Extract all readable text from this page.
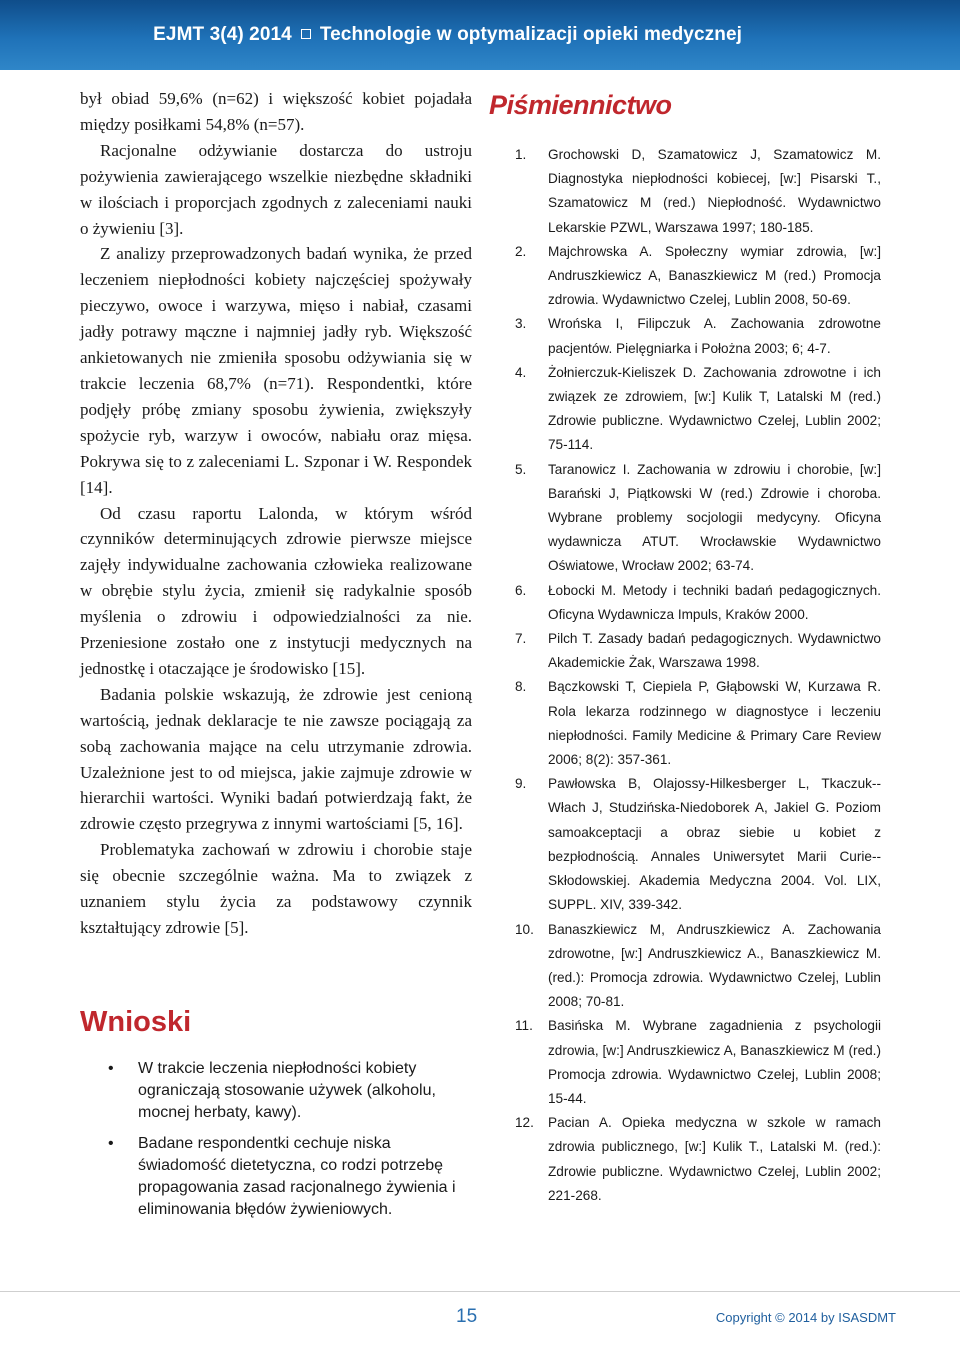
EJMT 3(4) 2014 Technologie w optymalizacji opieki medycznej

był obiad 59,6% (n=62) i większość kobiet pojadała między posiłkami 54,8% (n=57).

Racjonalne odżywianie dostarcza do ustroju pożywienia zawierającego wszelkie niezbędne składniki w ilościach i proporcjach zgodnych z zaleceniami nauki o żywieniu [3].

Z analizy przeprowadzonych badań wynika, że przed leczeniem niepłodności kobiety najczęściej spożywały pieczywo, owoce i warzywa, mięso i nabiał, czasami jadły potrawy mączne i najmniej jadły ryb. Większość ankietowanych nie zmieniła sposobu odżywiania się w trakcie leczenia 68,7% (n=71). Respondentki, które podjęły próbę zmiany sposobu żywienia, zwiększyły spożycie ryb, warzyw i owoców, nabiału oraz mięsa. Pokrywa się to z zaleceniami L. Szponar i W. Respondek [14].

Od czasu raportu Lalonda, w którym wśród czynników determinujących zdrowie pierwsze miejsce zajęły indywidualne zachowania człowieka realizowane w obrębie stylu życia, zmienił się radykalnie sposób myślenia o zdrowiu i odpowiedzialności za nie. Przeniesione zostało one z instytucji medycznych na jednostkę i otaczające je środowisko [15].

Badania polskie wskazują, że zdrowie jest cenioną wartością, jednak deklaracje te nie zawsze pociągają za sobą zachowania mające na celu utrzymanie zdrowia. Uzależnione jest to od miejsca, jakie zajmuje zdrowie w hierarchii wartości. Wyniki badań potwierdzają fakt, że zdrowie często przegrywa z innymi wartościami [5, 16].

Problematyka zachowań w zdrowiu i chorobie staje się obecnie szczególnie ważna. Ma to związek z uznaniem stylu życia za podstawowy czynnik kształtujący zdrowie [5].

Wnioski
• W trakcie leczenia niepłodności kobiety ograniczają stosowanie używek (alkoholu, mocnej herbaty, kawy).
• Badane respondentki cechuje niska świadomość dietetyczna, co rodzi potrzebę propagowania zasad racjonalnego żywienia i eliminowania błędów żywieniowych.
Piśmiennictwo
1. Grochowski D, Szamatowicz J, Szamatowicz M. Diagnostyka niepłodności kobiecej, [w:] Pisarski T., Szamatowicz M (red.) Niepłodność. Wydawnictwo Lekarskie PZWL, Warszawa 1997; 180-185.
2. Majchrowska A. Społeczny wymiar zdrowia, [w:] Andruszkiewicz A, Banaszkiewicz M (red.) Promocja zdrowia. Wydawnictwo Czelej, Lublin 2008, 50-69.
3. Wrońska I, Filipczuk A. Zachowania zdrowotne pacjentów. Pielęgniarka i Położna 2003; 6; 4-7.
4. Żołnierczuk-Kieliszek D. Zachowania zdrowotne i ich związek ze zdrowiem, [w:] Kulik T, Latalski M (red.) Zdrowie publiczne. Wydawnictwo Czelej, Lublin 2002; 75-114.
5. Taranowicz I. Zachowania w zdrowiu i chorobie, [w:] Barański J, Piątkowski W (red.) Zdrowie i choroba. Wybrane problemy socjologii medycyny. Oficyna wydawnicza ATUT. Wrocławskie Wydawnictwo Oświatowe, Wrocław 2002; 63-74.
6. Łobocki M. Metody i techniki badań pedagogicznych. Oficyna Wydawnicza Impuls, Kraków 2000.
7. Pilch T. Zasady badań pedagogicznych. Wydawnictwo Akademickie Żak, Warszawa 1998.
8. Bączkowski T, Ciepiela P, Głąbowski W, Kurzawa R. Rola lekarza rodzinnego w diagnostyce i leczeniu niepłodności. Family Medicine & Primary Care Review 2006; 8(2): 357-361.
9. Pawłowska B, Olajossy-Hilkesberger L, Tkaczuk--Włach J, Studzińska-Niedoborek A, Jakiel G. Poziom samoakceptacji a obraz siebie u kobiet z bezpłodnością. Annales Uniwersytet Marii Curie--Skłodowskiej. Akademia Medyczna 2004. Vol. LIX, SUPPL. XIV, 339-342.
10. Banaszkiewicz M, Andruszkiewicz A. Zachowania zdrowotne, [w:] Andruszkiewicz A., Banaszkiewicz M. (red.): Promocja zdrowia. Wydawnictwo Czelej, Lublin 2008; 70-81.
11. Basińska M. Wybrane zagadnienia z psychologii zdrowia, [w:] Andruszkiewicz A, Banaszkiewicz M (red.) Promocja zdrowia. Wydawnictwo Czelej, Lublin 2008; 15-44.
12. Pacian A. Opieka medyczna w szkole w ramach zdrowia publicznego, [w:] Kulik T., Latalski M. (red.): Zdrowie publiczne. Wydawnictwo Czelej, Lublin 2002; 221-268.
15	Copyright © 2014 by ISASDMT
